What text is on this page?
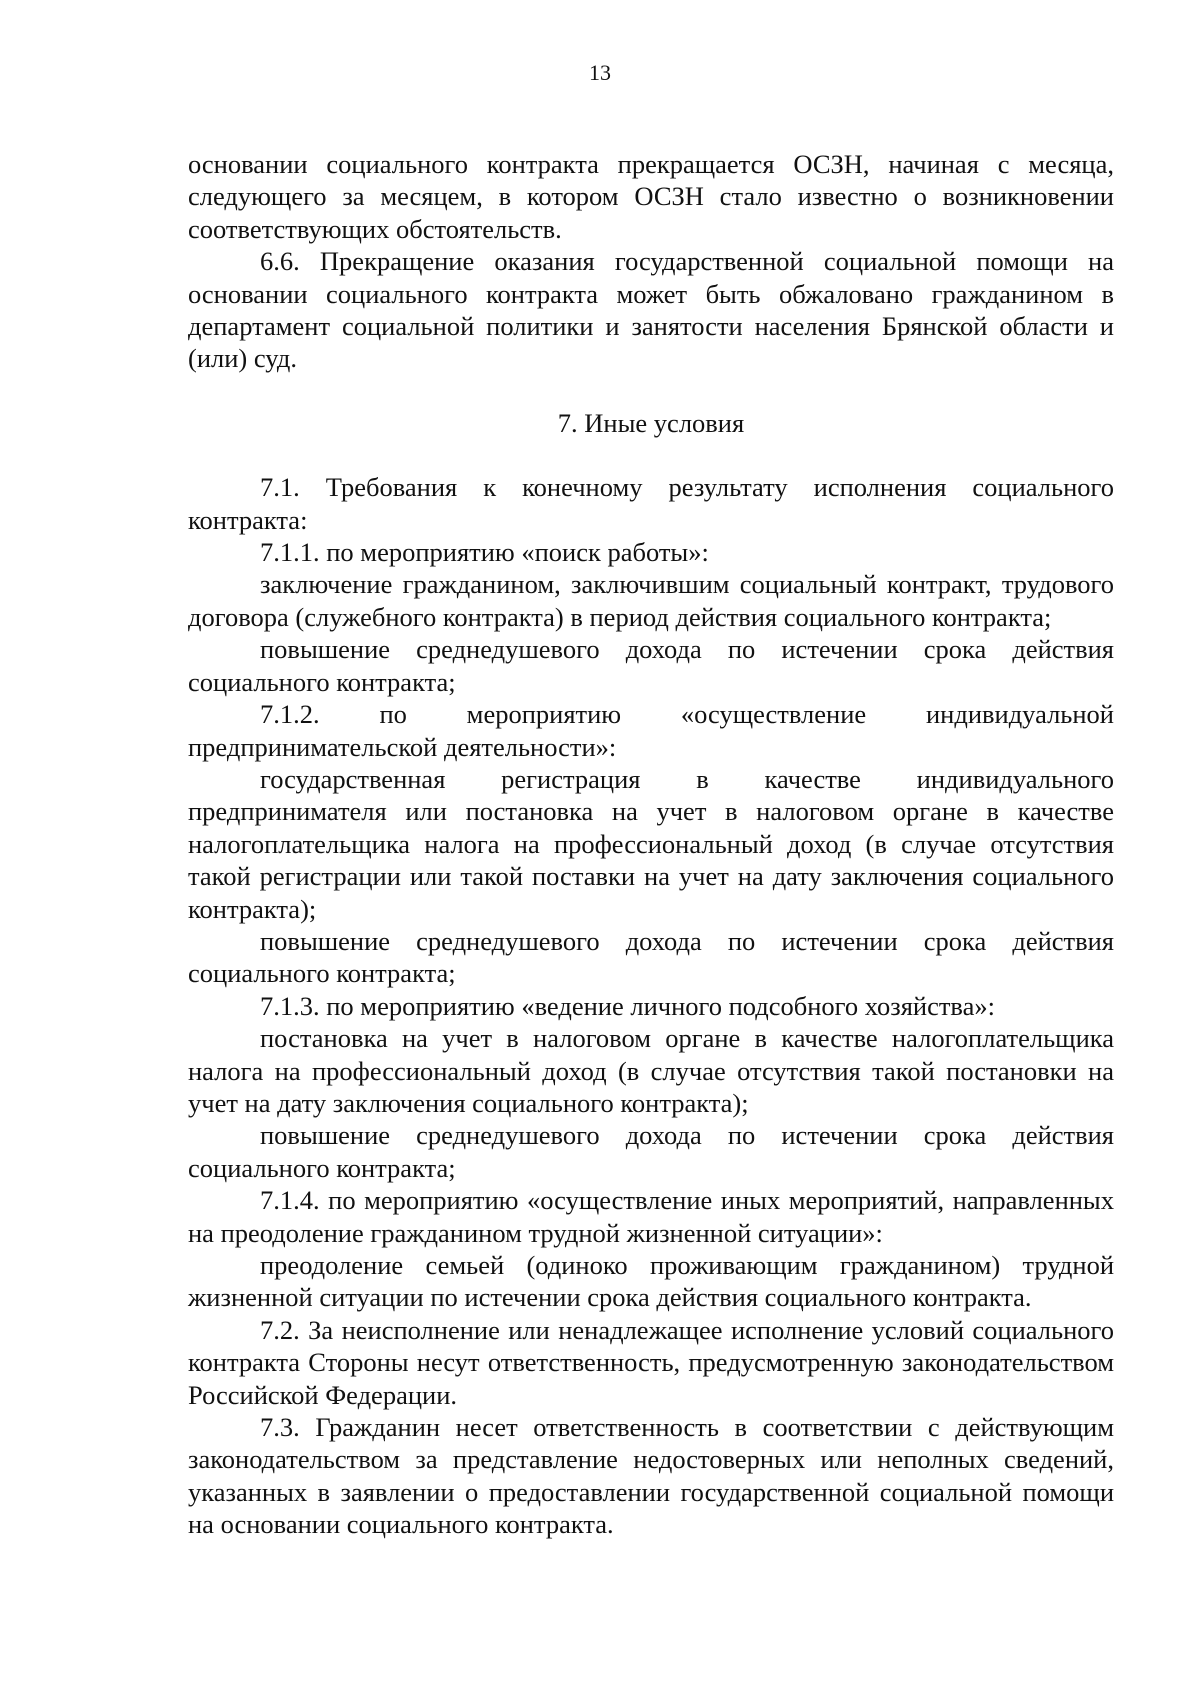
13

основании социального контракта прекращается ОСЗН, начиная с месяца, следующего за месяцем, в котором ОСЗН стало известно о возникновении соответствующих обстоятельств.

6.6. Прекращение оказания государственной социальной помощи на основании социального контракта может быть обжаловано гражданином в департамент социальной политики и занятости населения Брянской области и (или) суд.

7. Иные условия

7.1. Требования к конечному результату исполнения социального контракта:

7.1.1. по мероприятию «поиск работы»:

заключение гражданином, заключившим социальный контракт, трудового договора (служебного контракта) в период действия социального контракта;

повышение среднедушевого дохода по истечении срока действия социального контракта;

7.1.2. по мероприятию «осуществление индивидуальной предпринимательской деятельности»:

государственная регистрация в качестве индивидуального предпринимателя или постановка на учет в налоговом органе в качестве налогоплательщика налога на профессиональный доход (в случае отсутствия такой регистрации или такой поставки на учет на дату заключения социального контракта);

повышение среднедушевого дохода по истечении срока действия социального контракта;

7.1.3. по мероприятию «ведение личного подсобного хозяйства»:

постановка на учет в налоговом органе в качестве налогоплательщика налога на профессиональный доход (в случае отсутствия такой постановки на учет на дату заключения социального контракта);

повышение среднедушевого дохода по истечении срока действия социального контракта;

7.1.4. по мероприятию «осуществление иных мероприятий, направленных на преодоление гражданином трудной жизненной ситуации»:

преодоление семьей (одиноко проживающим гражданином) трудной жизненной ситуации по истечении срока действия социального контракта.

7.2. За неисполнение или ненадлежащее исполнение условий социального контракта Стороны несут ответственность, предусмотренную законодательством Российской Федерации.

7.3. Гражданин несет ответственность в соответствии с действующим законодательством за представление недостоверных или неполных сведений, указанных в заявлении о предоставлении государственной социальной помощи на основании социального контракта.
